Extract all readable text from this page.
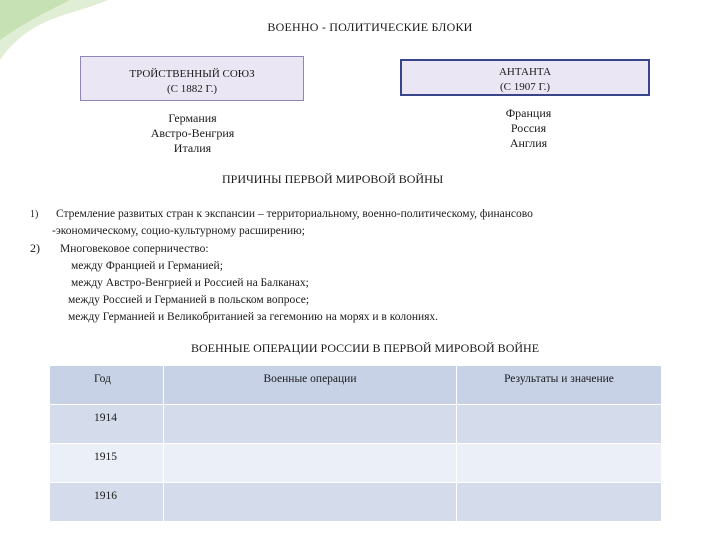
ВОЕННО - ПОЛИТИЧЕСКИЕ БЛОКИ
ТРОЙСТВЕННЫЙ СОЮЗ
(С 1882 Г.)
АНТАНТА
(С 1907 Г.)
Германия
Австро-Венгрия
Италия
Франция
Россия
Англия
ПРИЧИНЫ ПЕРВОЙ МИРОВОЙ ВОЙНЫ
1) Стремление развитых стран к экспансии – территориальному, военно-политическому, финансово
-экономическому, социо-культурному расширению;
2) Многовековое соперничество:
между Францией и Германией;
между Австро-Венгрией и Россией на Балканах;
между Россией и Германией в польском вопросе;
между Германией и Великобританией за гегемонию на морях и в колониях.
ВОЕННЫЕ ОПЕРАЦИИ РОССИИ В ПЕРВОЙ МИРОВОЙ ВОЙНЕ
Год	Военные операции	Результаты и значение
1914		
1915		
1916		
